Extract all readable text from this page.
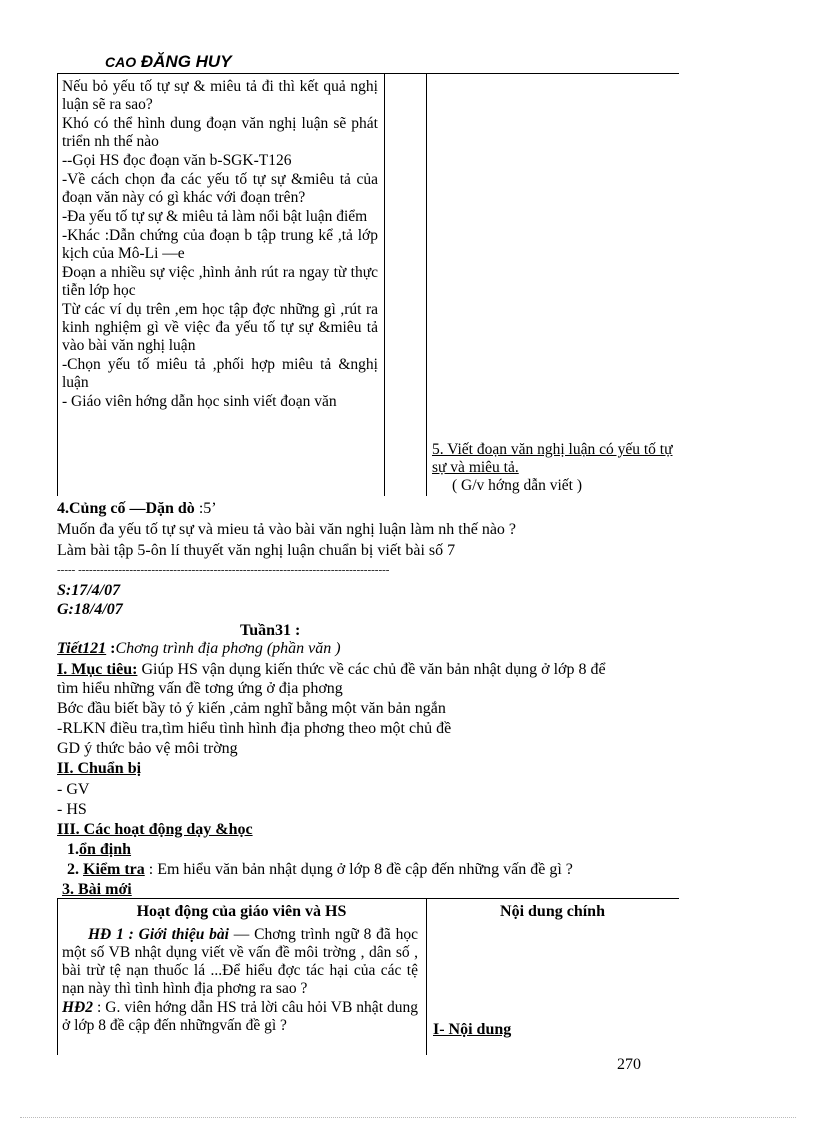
CAO ĐĂNG HUY

Nếu bỏ yếu tố tự sự & miêu tả đi thì kết quả nghị luận sẽ ra sao?

Khó có thể hình dung đoạn văn nghị luận sẽ phát triển nh thế nào

--Gọi HS đọc đoạn văn b-SGK-T126

-Về cách chọn đa các yếu tố tự sự &miêu tả của đoạn văn này có gì khác với đoạn trên?

-Đa yếu tố tự sự & miêu tả làm nổi bật luận điểm

-Khác :Dẫn chứng của đoạn b tập trung kể ,tả lớp kịch của Mô-Li —e

Đoạn a nhiều sự việc ,hình ảnh rút ra ngay từ thực tiễn lớp học

Từ các ví dụ trên ,em học tập đợc những gì ,rút ra kinh nghiệm gì về việc đa yếu tố tự sự &miêu tả vào bài văn nghị luận

-Chọn yếu tố miêu tả ,phối hợp miêu tả &nghị luận

- Giáo viên hớng dẫn học sinh viết đoạn văn

5. Viết đoạn văn nghị luận có yếu tố tự sự và miêu tả.
( G/v hớng dẫn viết )
4.Củng cố —Dặn dò :5’
Muốn đa yếu tố tự sự và mieu tả vào bài văn nghị luận làm nh thế nào ?
Làm bài tập 5-ôn lí thuyết văn nghị luận chuẩn bị viết bài số 7
----- -------------------------------------------------------------------------------------
S:17/4/07
G:18/4/07
Tuần31 :
Tiết121 :Chơng trình địa phơng (phần văn )
I. Mục tiêu: Giúp HS vận dụng kiến thức về các chủ đề văn bản nhật dụng ở lớp 8 để
tìm hiểu những vấn đề tơng ứng ở địa phơng
Bớc đầu biết bầy tỏ ý kiến ,cảm nghĩ bằng một văn bản ngắn
-RLKN điều tra,tìm hiểu tình hình địa phơng theo một chủ đề
GD ý thức bảo vệ môi trờng
II. Chuẩn bị
- GV
- HS
III. Các hoạt động dạy &học
1.ổn định
2. Kiểm tra : Em hiểu văn bản nhật dụng ở lớp 8 đề cập đến những vấn đề gì ?
3. Bài mới
Hoạt động của giáo viên và HS	Nội dung chính

HĐ 1 : Giới thiệu bài — Chơng trình ngữ 8 đã học một số VB nhật dụng viết về vấn đề môi trờng , dân số , bài trừ tệ nạn thuốc lá ...Để hiểu đợc tác hại của các tệ nạn này thì tình hình địa phơng ra sao ?

HĐ2 : G. viên hớng dẫn HS trả lời câu hỏi VB nhật dung ở lớp 8 đề cập đến nhữngvấn đề gì ?	I- Nội dung
270
